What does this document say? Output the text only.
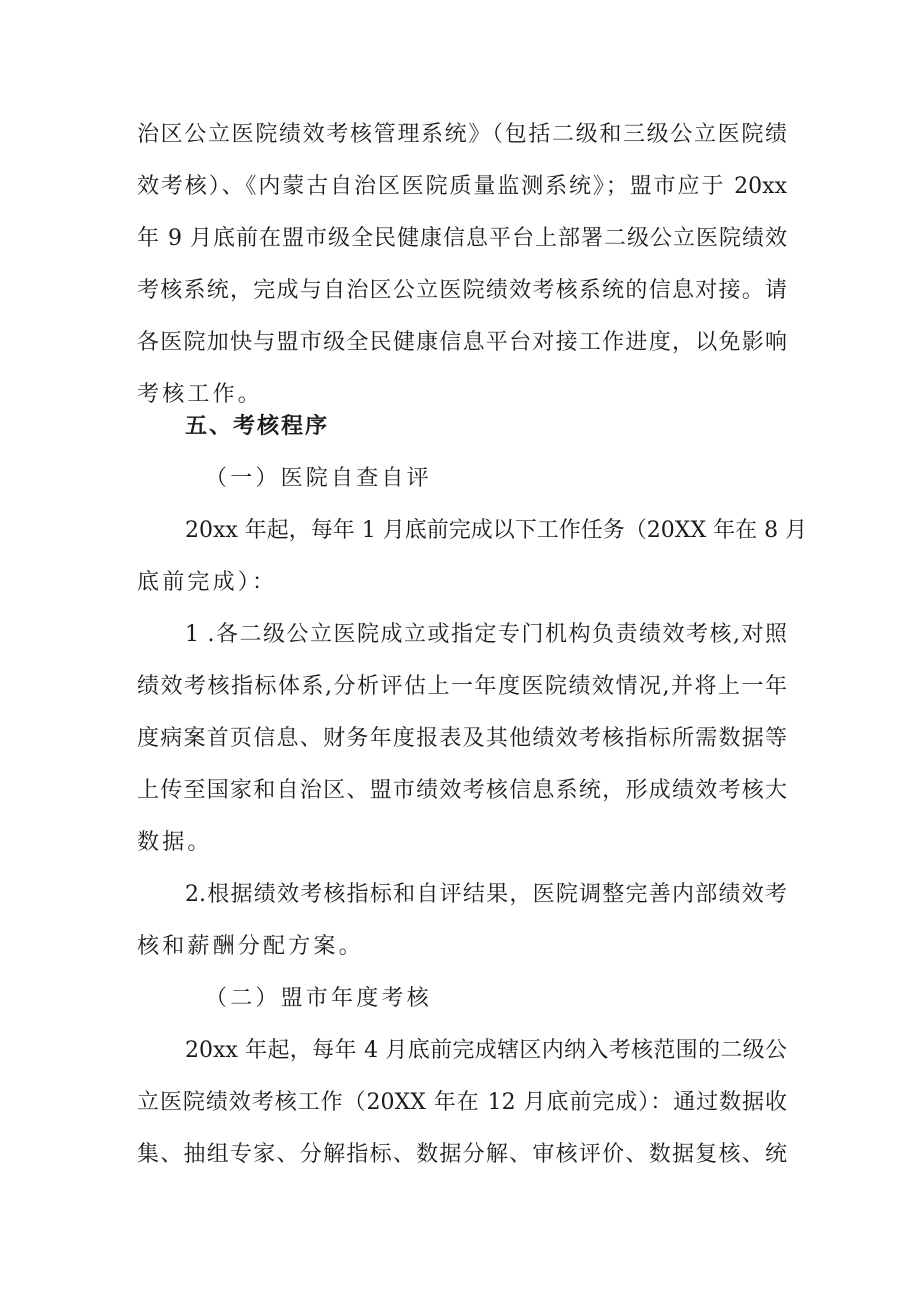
治区公立医院绩效考核管理系统》（包括二级和三级公立医院绩
效考核）、《内蒙古自治区医院质量监测系统》；盟市应于 20xx
年 9 月底前在盟市级全民健康信息平台上部署二级公立医院绩效
考核系统，完成与自治区公立医院绩效考核系统的信息对接。请
各医院加快与盟市级全民健康信息平台对接工作进度，以免影响
考核工作。
五、考核程序
（一）医院自查自评
20xx 年起，每年 1 月底前完成以下工作任务（20XX 年在 8 月
底前完成）：
1 .各二级公立医院成立或指定专门机构负责绩效考核,对照
绩效考核指标体系,分析评估上一年度医院绩效情况,并将上一年
度病案首页信息、财务年度报表及其他绩效考核指标所需数据等
上传至国家和自治区、盟市绩效考核信息系统，形成绩效考核大
数据。
2.根据绩效考核指标和自评结果，医院调整完善内部绩效考
核和薪酬分配方案。
（二）盟市年度考核
20xx 年起，每年 4 月底前完成辖区内纳入考核范围的二级公
立医院绩效考核工作（20XX 年在 12 月底前完成）：通过数据收
集、抽组专家、分解指标、数据分解、审核评价、数据复核、统
